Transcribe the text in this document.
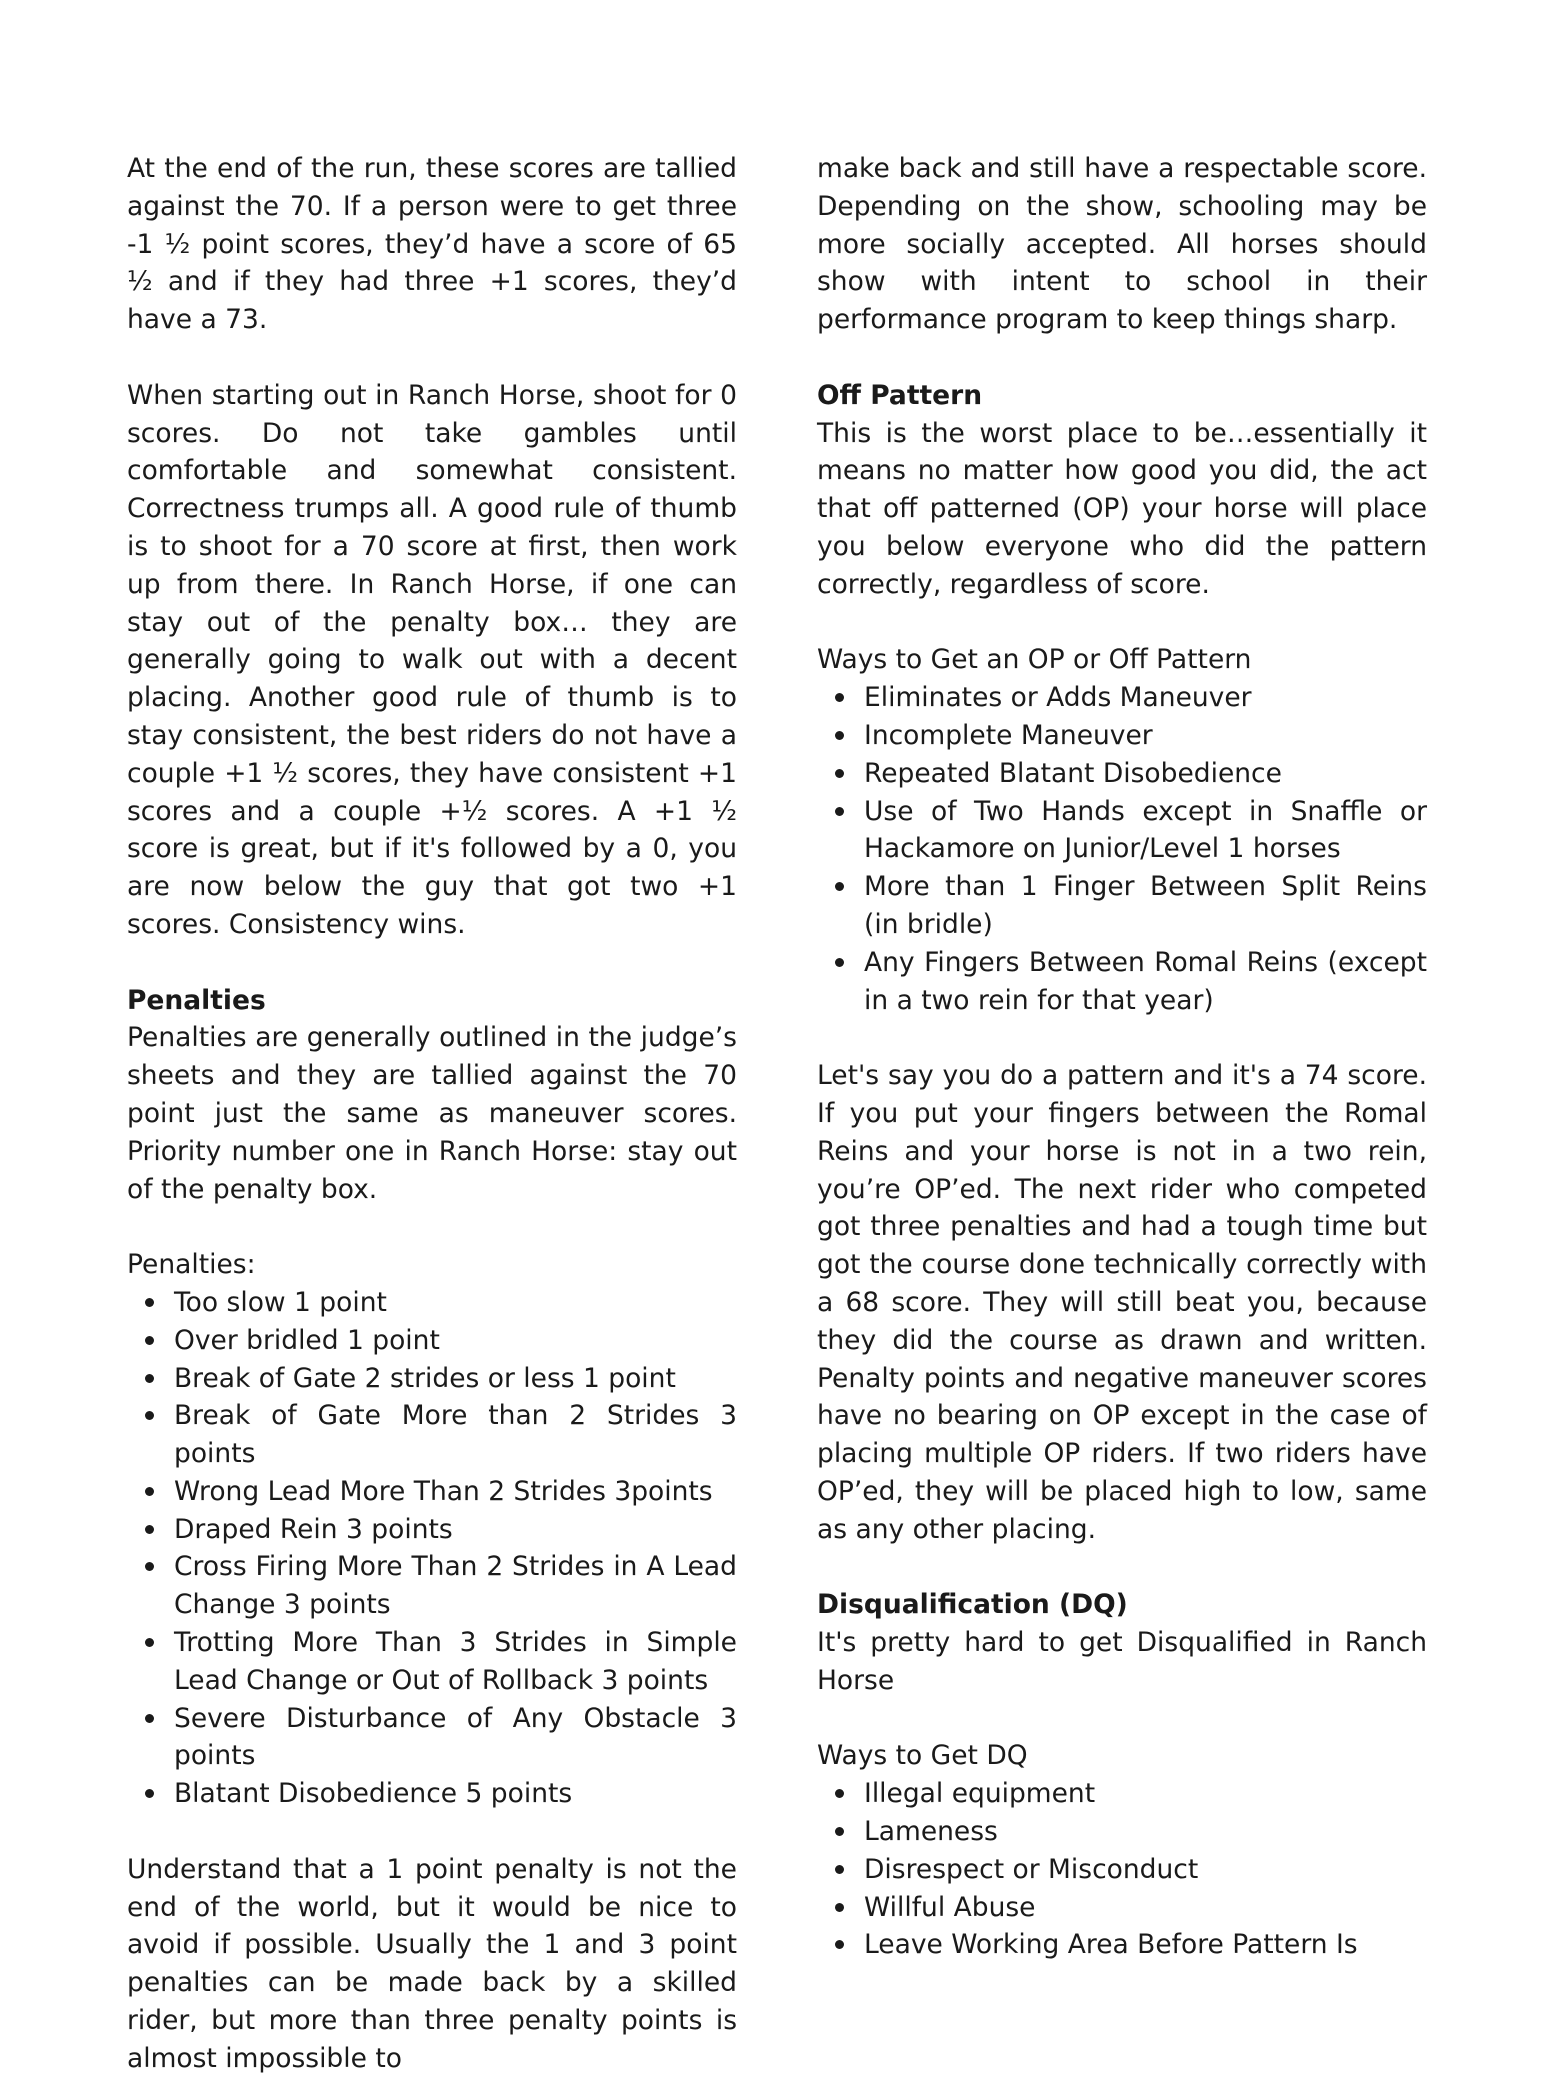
At the end of the run, these scores are tallied against the 70. If a person were to get three -1 ½ point scores, they’d have a score of 65 ½ and if they had three +1 scores, they’d have a 73.

When starting out in Ranch Horse, shoot for 0 scores. Do not take gambles until comfortable and somewhat consistent. Correctness trumps all. A good rule of thumb is to shoot for a 70 score at first, then work up from there. In Ranch Horse, if one can stay out of the penalty box… they are generally going to walk out with a decent placing. Another good rule of thumb is to stay consistent, the best riders do not have a couple +1 ½ scores, they have consistent +1 scores and a couple +½ scores. A +1 ½ score is great, but if it's followed by a 0, you are now below the guy that got two +1 scores. Consistency wins.

Penalties

Penalties are generally outlined in the judge’s sheets and they are tallied against the 70 point just the same as maneuver scores. Priority number one in Ranch Horse: stay out of the penalty box.

Penalties:
Too slow 1 point
Over bridled 1 point
Break of Gate 2 strides or less 1 point
Break of Gate More than 2 Strides 3 points
Wrong Lead More Than 2 Strides 3points
Draped Rein 3 points
Cross Firing More Than 2 Strides in A Lead Change 3 points
Trotting More Than 3 Strides in Simple Lead Change or Out of Rollback 3 points
Severe Disturbance of Any Obstacle 3 points
Blatant Disobedience 5 points

Understand that a 1 point penalty is not the end of the world, but it would be nice to avoid if possible. Usually the 1 and 3 point penalties can be made back by a skilled rider, but more than three penalty points is almost impossible to

make back and still have a respectable score. Depending on the show, schooling may be more socially accepted. All horses should show with intent to school in their performance program to keep things sharp.

Off Pattern

This is the worst place to be…essentially it means no matter how good you did, the act that off patterned (OP) your horse will place you below everyone who did the pattern correctly, regardless of score.

Ways to Get an OP or Off Pattern
Eliminates or Adds Maneuver
Incomplete Maneuver
Repeated Blatant Disobedience
Use of Two Hands except in Snaffle or Hackamore on Junior/Level 1 horses
More than 1 Finger Between Split Reins (in bridle)
Any Fingers Between Romal Reins (except in a two rein for that year)

Let's say you do a pattern and it's a 74 score. If you put your fingers between the Romal Reins and your horse is not in a two rein, you’re OP’ed. The next rider who competed got three penalties and had a tough time but got the course done technically correctly with a 68 score. They will still beat you, because they did the course as drawn and written. Penalty points and negative maneuver scores have no bearing on OP except in the case of placing multiple OP riders. If two riders have OP’ed, they will be placed high to low, same as any other placing.

Disqualification (DQ)

It's pretty hard to get Disqualified in Ranch Horse

Ways to Get DQ
Illegal equipment
Lameness
Disrespect or Misconduct
Willful Abuse
Leave Working Area Before Pattern Is
